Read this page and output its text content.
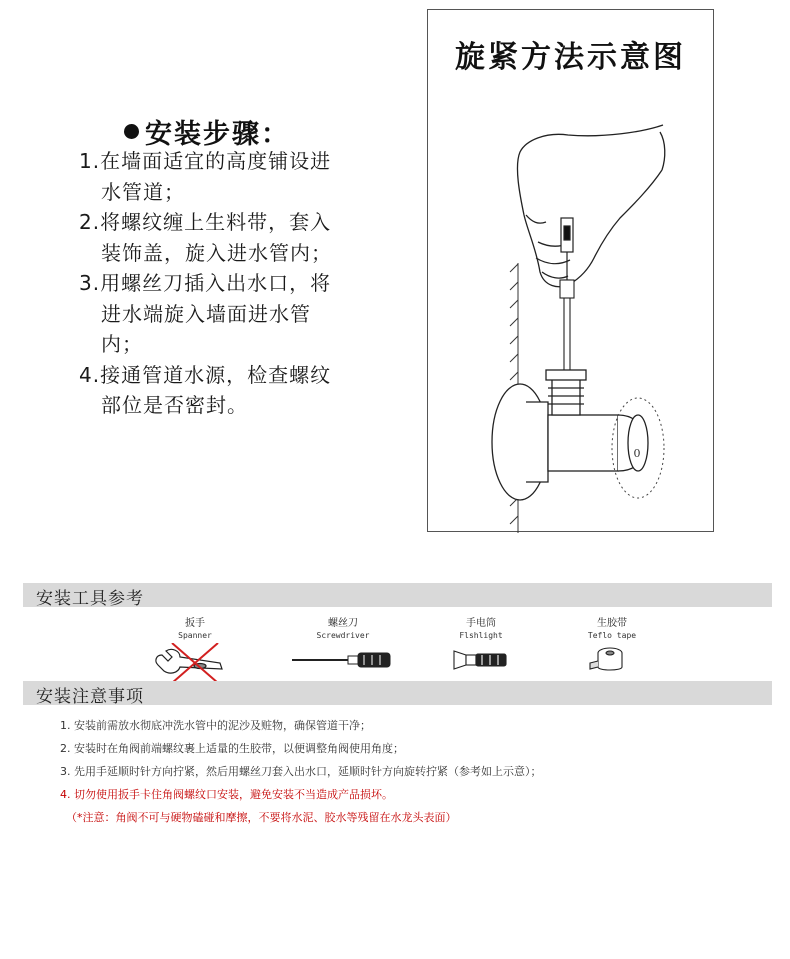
安装步骤：

1.在墙面适宜的高度铺设进水管道；

2.将螺纹缠上生料带，套入装饰盖，旋入进水管内；

3.用螺丝刀插入出水口，将进水端旋入墙面进水管内；

4.接通管道水源，检查螺纹部位是否密封。

旋紧方法示意图
0
安装工具参考
扳手
Spanner
螺丝刀
Screwdriver
手电筒
Flshlight
生胶带
Teflo tape
安装注意事项

1. 安装前需放水彻底冲洗水管中的泥沙及赃物，确保管道干净；

2. 安装时在角阀前端螺纹裹上适量的生胶带，以便调整角阀使用角度；

3. 先用手延顺时针方向拧紧，然后用螺丝刀套入出水口，延顺时针方向旋转拧紧（参考如上示意）；

4. 切勿使用扳手卡住角阀螺纹口安装，避免安装不当造成产品损坏。

（*注意：角阀不可与硬物磕碰和摩擦，不要将水泥、胶水等残留在水龙头表面）
